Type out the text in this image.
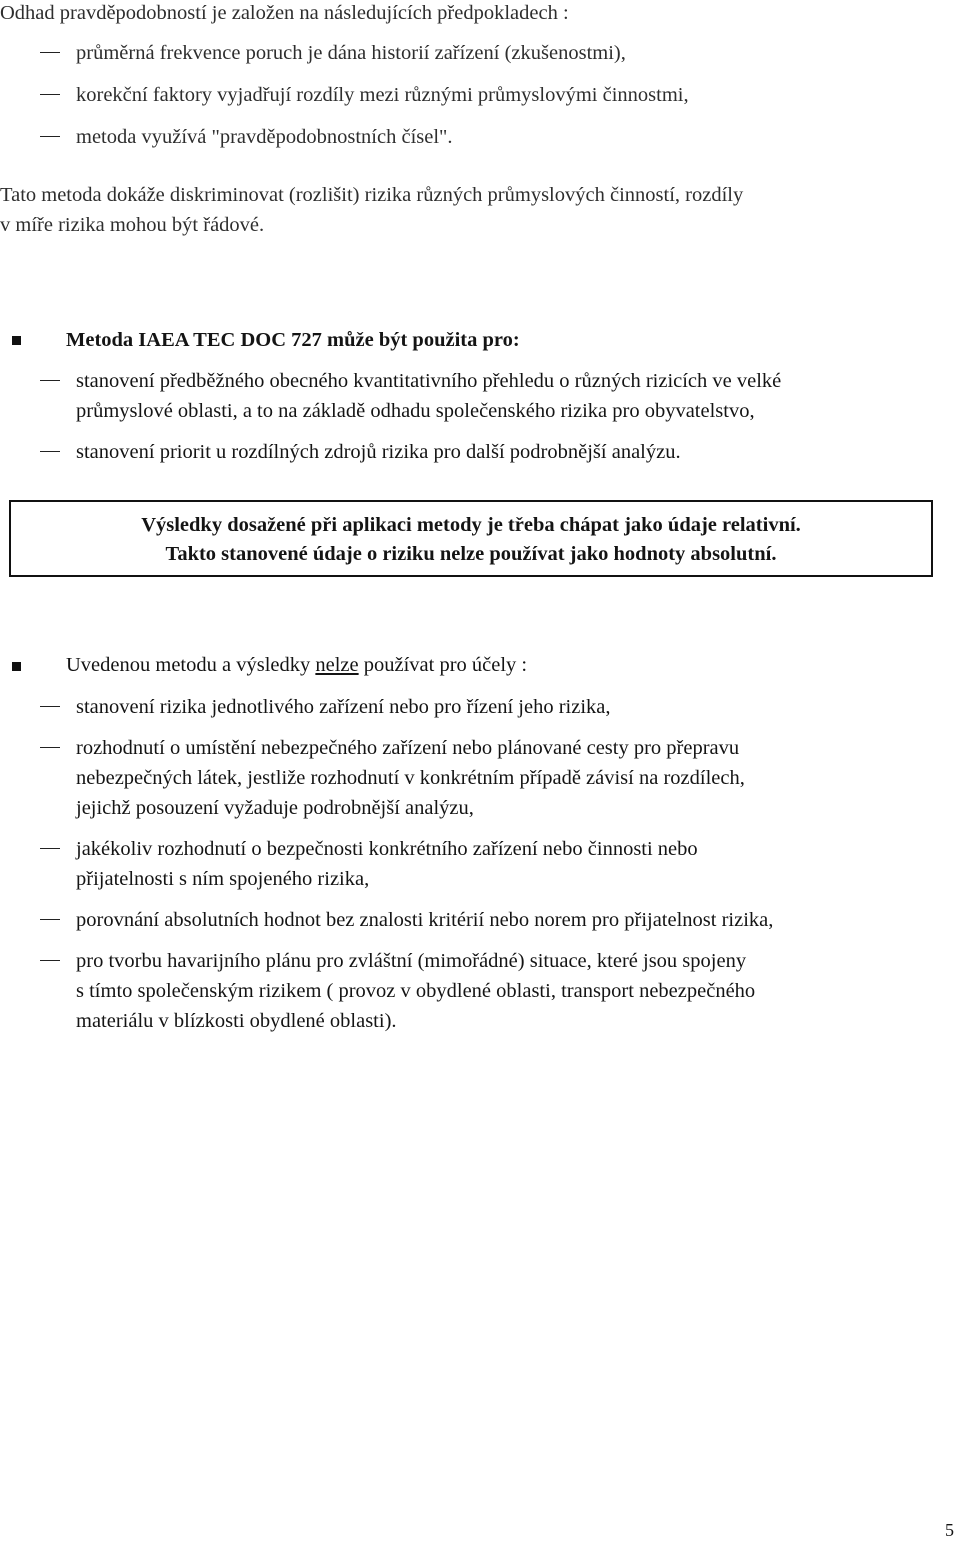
Odhad pravděpodobností je založen na následujících předpokladech :
průměrná frekvence poruch je dána historií zařízení (zkušenostmi),
korekční faktory vyjadřují rozdíly mezi různými průmyslovými činnostmi,
metoda využívá "pravděpodobnostních čísel".
Tato metoda dokáže diskriminovat (rozlišit) rizika různých průmyslových činností, rozdíly
v míře rizika mohou být řádové.
Metoda IAEA TEC DOC 727 může být použita pro:
stanovení předběžného obecného kvantitativního přehledu o různých rizicích ve velké
průmyslové oblasti, a to na základě odhadu společenského rizika pro obyvatelstvo,
stanovení priorit u rozdílných zdrojů rizika pro další podrobnější analýzu.
Výsledky dosažené při aplikaci metody je třeba chápat jako údaje relativní.
Takto stanovené údaje o riziku nelze používat jako hodnoty absolutní.
Uvedenou metodu a výsledky nelze používat pro účely :
stanovení rizika jednotlivého zařízení nebo pro řízení jeho rizika,
rozhodnutí o umístění nebezpečného zařízení nebo plánované cesty pro přepravu
nebezpečných látek, jestliže rozhodnutí v konkrétním případě závisí na rozdílech,
jejichž posouzení vyžaduje podrobnější analýzu,
jakékoliv rozhodnutí o bezpečnosti konkrétního zařízení nebo činnosti nebo
přijatelnosti s ním spojeného rizika,
porovnání absolutních hodnot bez znalosti kritérií nebo norem pro přijatelnost rizika,
pro tvorbu havarijního plánu pro zvláštní (mimořádné) situace, které jsou spojeny
s tímto společenským rizikem ( provoz v obydlené oblasti, transport nebezpečného
materiálu v blízkosti obydlené oblasti).
5
